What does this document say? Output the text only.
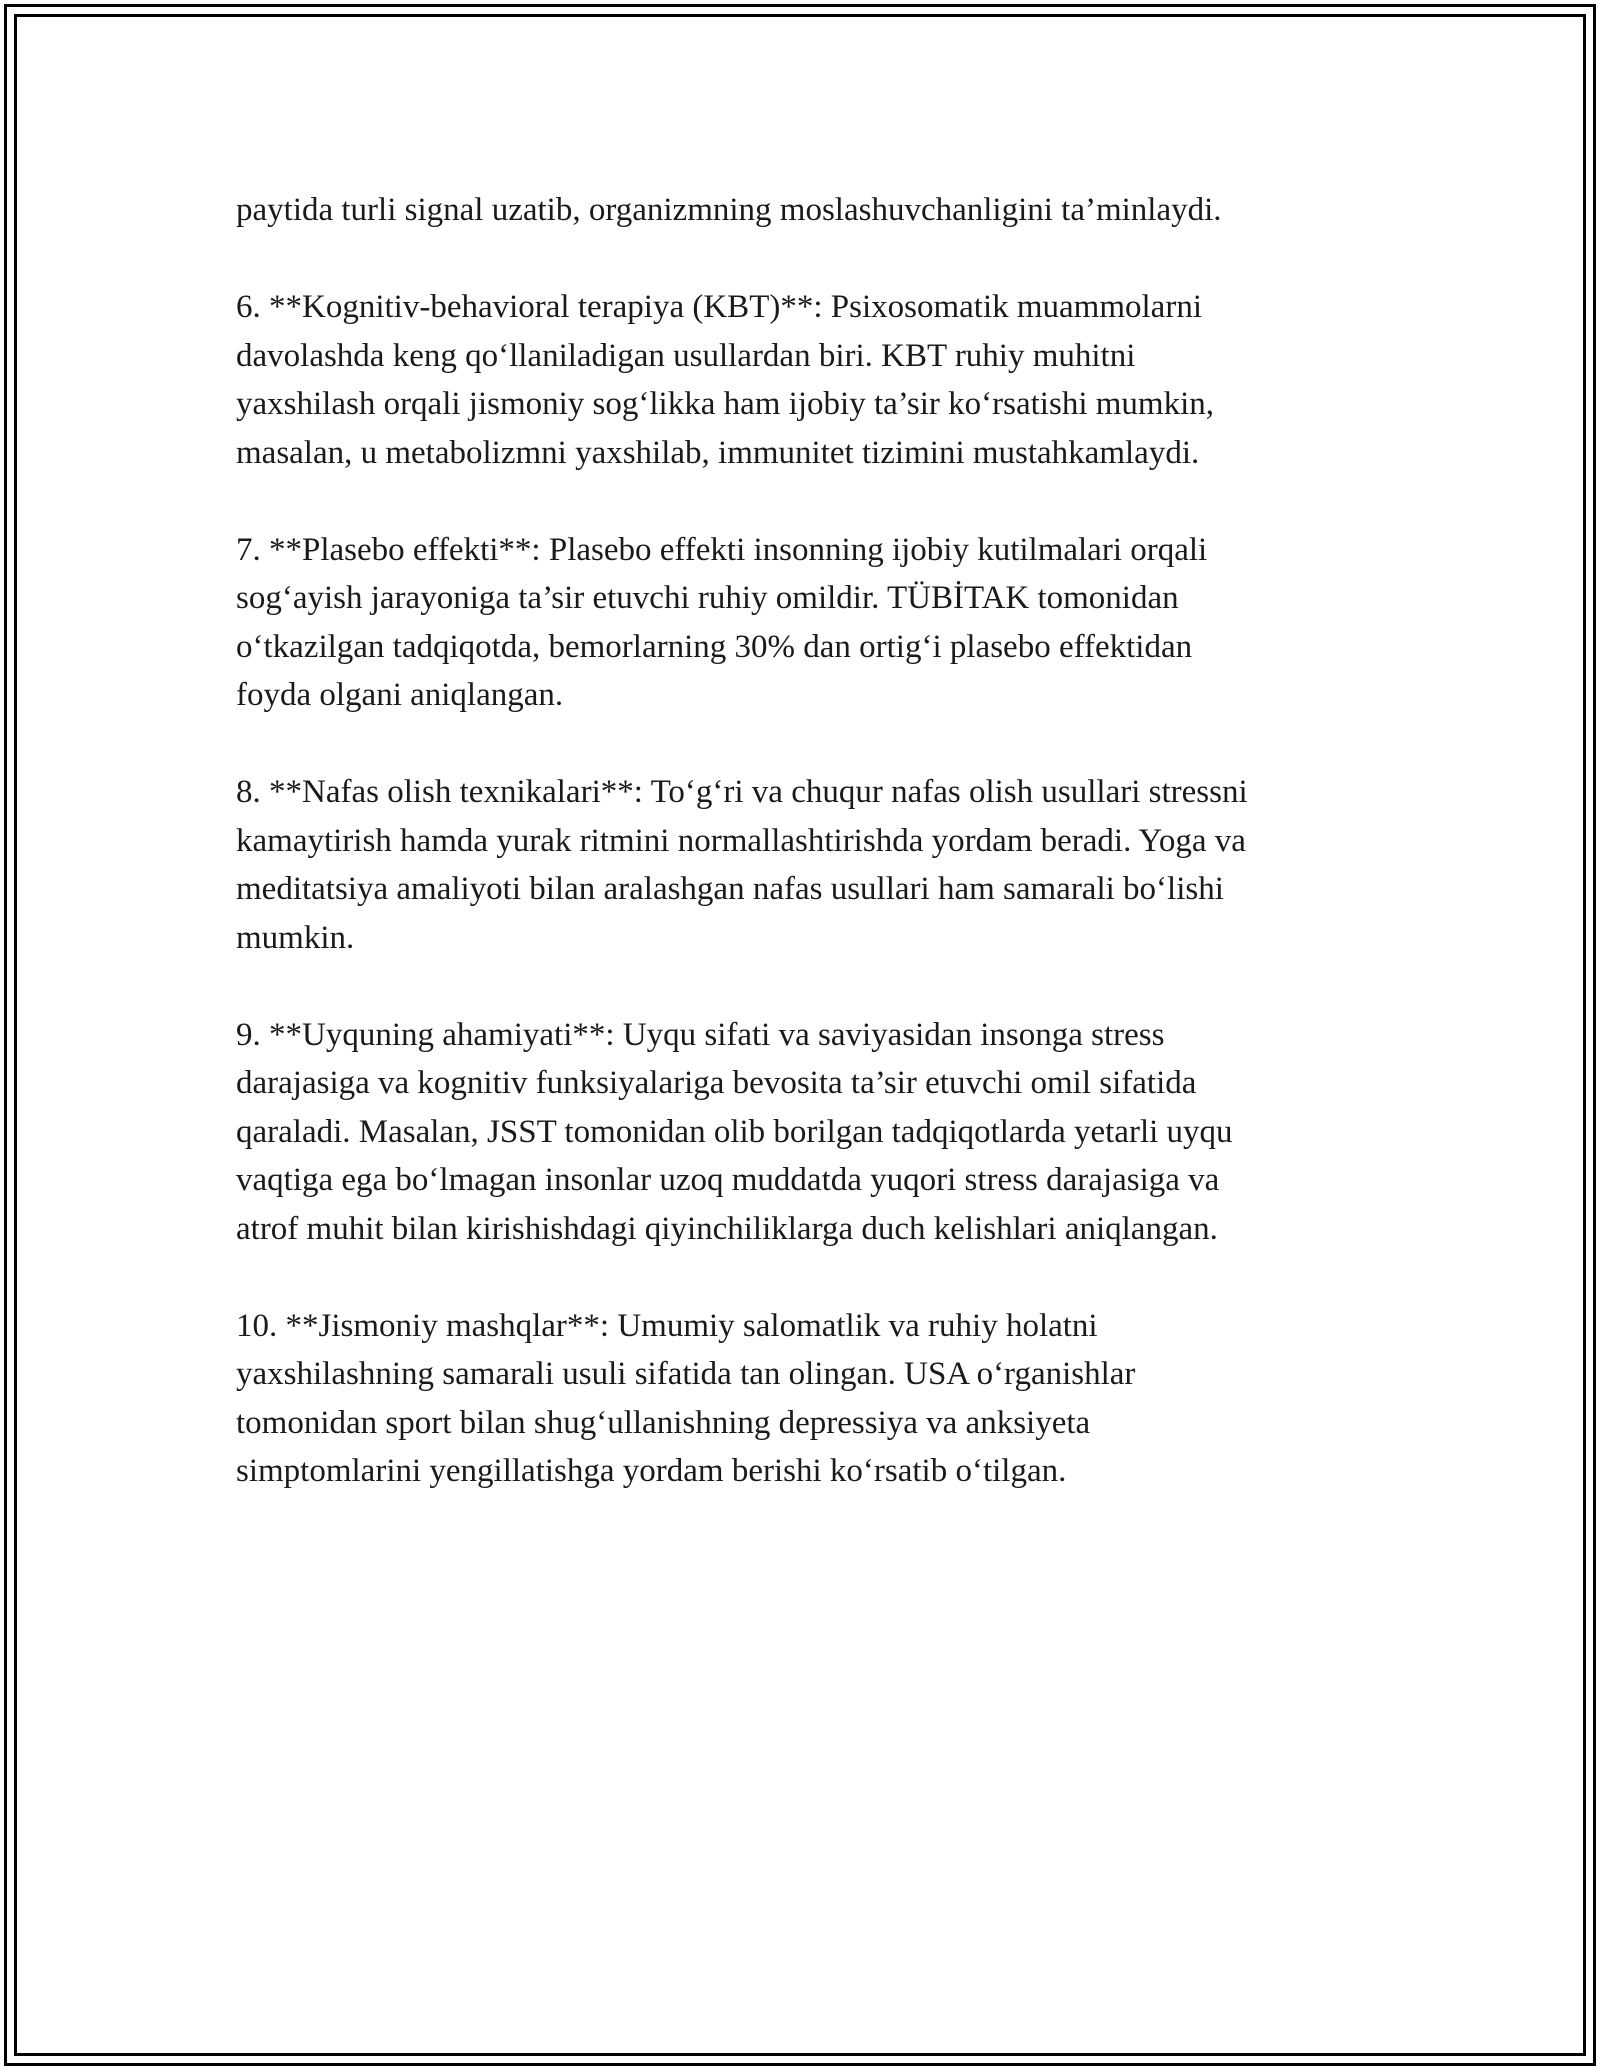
paytida turli signal uzatib, organizmning moslashuvchanligini ta’minlaydi.

6. **Kognitiv-behavioral terapiya (KBT)**: Psixosomatik muammolarni
davolashda keng qo‘llaniladigan usullardan biri. KBT ruhiy muhitni
yaxshilash orqali jismoniy sog‘likka ham ijobiy ta’sir ko‘rsatishi mumkin,
masalan, u metabolizmni yaxshilab, immunitet tizimini mustahkamlaydi.

7. **Plasebo effekti**: Plasebo effekti insonning ijobiy kutilmalari orqali
sog‘ayish jarayoniga ta’sir etuvchi ruhiy omildir. TÜBİTAK tomonidan
o‘tkazilgan tadqiqotda, bemorlarning 30% dan ortig‘i plasebo effektidan
foyda olgani aniqlangan.

8. **Nafas olish texnikalari**: To‘g‘ri va chuqur nafas olish usullari stressni
kamaytirish hamda yurak ritmini normallashtirishda yordam beradi. Yoga va
meditatsiya amaliyoti bilan aralashgan nafas usullari ham samarali bo‘lishi
mumkin.

9. **Uyquning ahamiyati**: Uyqu sifati va saviyasidan insonga stress
darajasiga va kognitiv funksiyalariga bevosita ta’sir etuvchi omil sifatida
qaraladi. Masalan, JSST tomonidan olib borilgan tadqiqotlarda yetarli uyqu
vaqtiga ega bo‘lmagan insonlar uzoq muddatda yuqori stress darajasiga va
atrof muhit bilan kirishishdagi qiyinchiliklarga duch kelishlari aniqlangan.

10. **Jismoniy mashqlar**: Umumiy salomatlik va ruhiy holatni
yaxshilashning samarali usuli sifatida tan olingan. USA o‘rganishlar
tomonidan sport bilan shug‘ullanishning depressiya va anksiyeta
simptomlarini yengillatishga yordam berishi ko‘rsatib o‘tilgan.
